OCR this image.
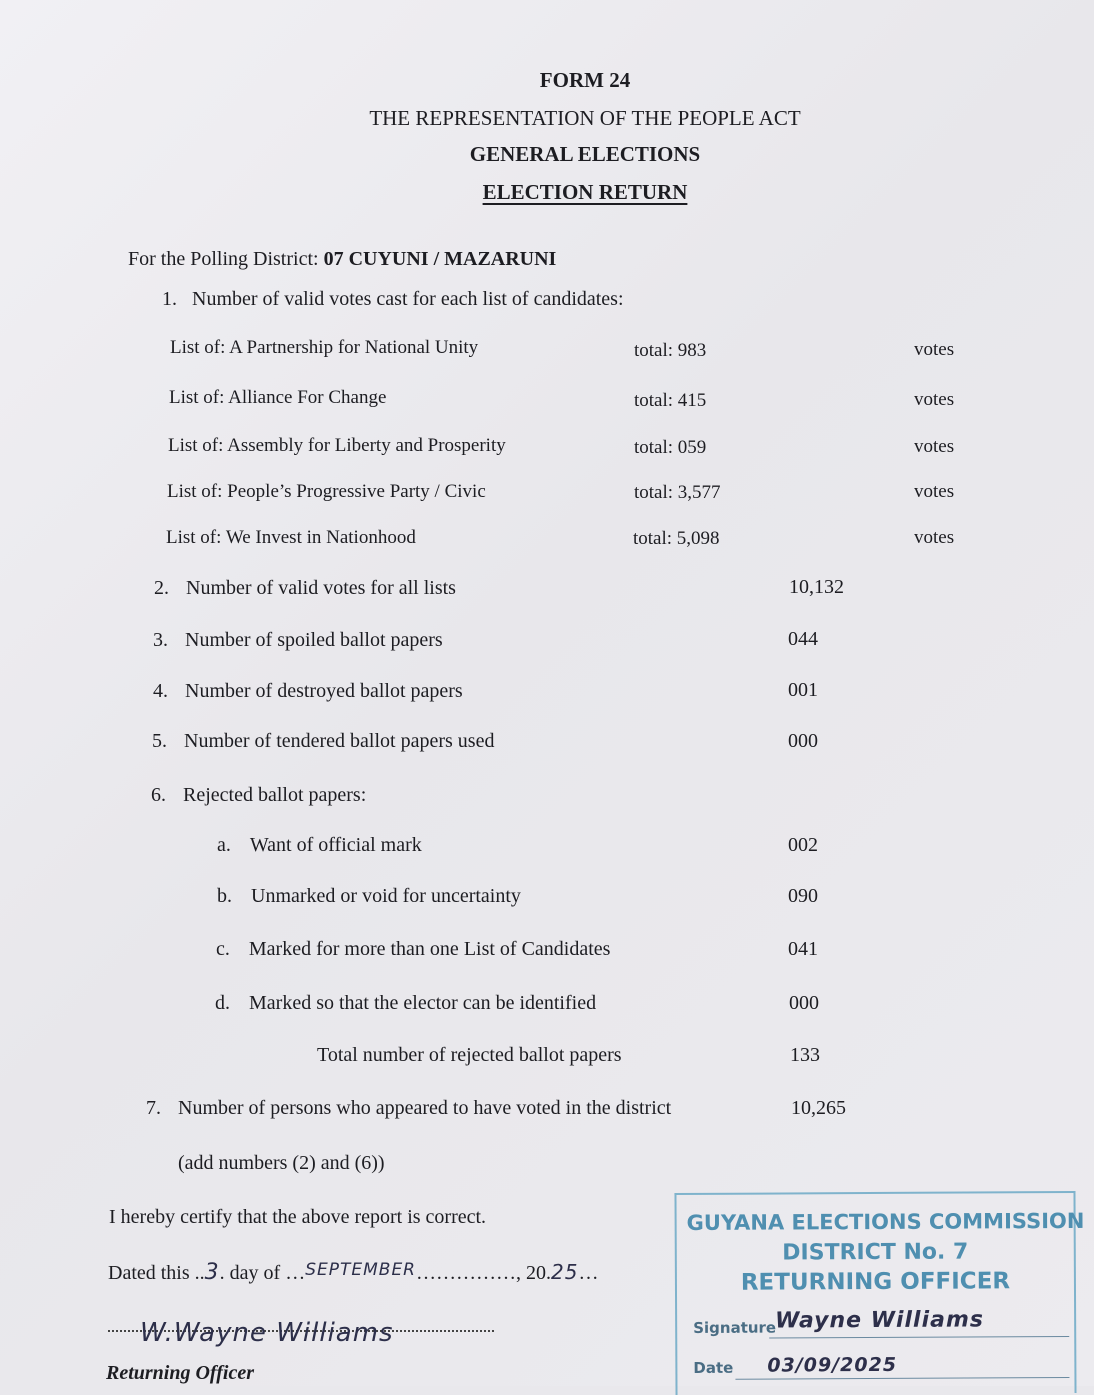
FORM 24
THE REPRESENTATION OF THE PEOPLE ACT
GENERAL ELECTIONS
ELECTION RETURN
For the Polling District: 07 CUYUNI / MAZARUNI
1. Number of valid votes cast for each list of candidates:
List of: A Partnership for National Unity	total: 983	votes
List of: Alliance For Change	total: 415	votes
List of: Assembly for Liberty and Prosperity	total: 059	votes
List of: People’s Progressive Party / Civic	total: 3,577	votes
List of: We Invest in Nationhood	total: 5,098	votes
2. Number of valid votes for all lists	10,132
3. Number of spoiled ballot papers	044
4. Number of destroyed ballot papers	001
5. Number of tendered ballot papers used	000
6. Rejected ballot papers:
a. Want of official mark	002
b. Unmarked or void for uncertainty	090
c. Marked for more than one List of Candidates	041
d. Marked so that the elector can be identified	000
Total number of rejected ballot papers	133
7. Number of persons who appeared to have voted in the district	10,265
(add numbers (2) and (6))
I hereby certify that the above report is correct.
Dated this ..3. day of …$^{SEPTEMBER}$……………, 20.25…
W.Wayne Williams
Returning Officer
GUYANA ELECTIONS COMMISSION
DISTRICT No. 7
RETURNING OFFICER
Signature
Wayne Williams
Date 03/09/2025
